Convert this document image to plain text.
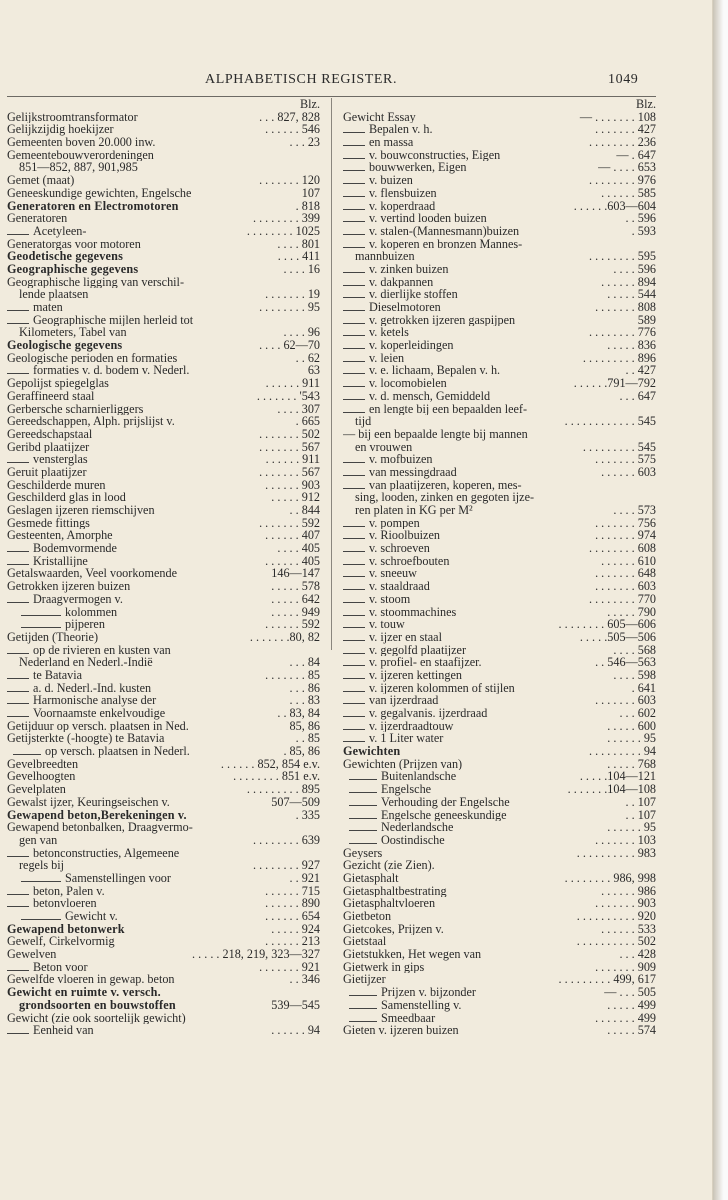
ALPHABETISCH REGISTER.	1049
Blz.
Gelijkstroomtransformator	. . . 827, 828
Gelijkzijdig hoekijzer	. . . . . . 546
Gemeenten boven 20.000 inw.	. . . 23
Gemeentebouwverordeningen
851—852, 887, 901,985
Gemet (maat)	. . . . . . . 120
Geneeskundige gewichten, Engelsche	107
Generatoren en Electromotoren	. 818
Generatoren	. . . . . . . . 399
Acetyleen-	. . . . . . . . 1025
Generatorgas voor motoren	. . . . 801
Geodetische gegevens	. . . . 411
Geographische gegevens	. . . . 16
Geographische ligging van verschil-
lende plaatsen	. . . . . . . 19
maten	. . . . . . . . 95
Geographische mijlen herleid tot
Kilometers, Tabel van	. . . . 96
Geologische gegevens	. . . . 62—70
Geologische perioden en formaties	. . 62
formaties v. d. bodem v. Nederl.	63
Gepolijst spiegelglas	. . . . . . 911
Geraffineerd staal	. . . . . . . '543
Gerbersche scharnierliggers	. . . . 307
Gereedschappen, Alph. prijslijst v.	. 665
Gereedschapstaal	. . . . . . . 502
Geribd plaatijzer	. . . . . . . 567
vensterglas	. . . . . . 911
Geruit plaatijzer	. . . . . . . 567
Geschilderde muren	. . . . . . 903
Geschilderd glas in lood	. . . . . 912
Geslagen ijzeren riemschijven	. . 844
Gesmede fittings	. . . . . . . 592
Gesteenten, Amorphe	. . . . . . 407
Bodemvormende	. . . . 405
Kristallijne	. . . . . . 405
Getalswaarden, Veel voorkomende	146—147
Getrokken ijzeren buizen	. . . . . 578
Draagvermogen v.	. . . . . 642
kolommen	. . . . . 949
pijperen	. . . . . . 592
Getijden (Theorie)	. . . . . . .80, 82
op de rivieren en kusten van
Nederland en Nederl.-Indië	. . . 84
te Batavia	. . . . . . . 85
a. d. Nederl.-Ind. kusten	. . . 86
Harmonische analyse der	. . . 83
Voornaamste enkelvoudige	. . 83, 84
Getijduur op versch. plaatsen in Ned.	85, 86
Getijsterkte (-hoogte) te Batavia	. . 85
op versch. plaatsen in Nederl.	. 85, 86
Gevelbreedten	. . . . . . 852, 854 e.v.
Gevelhoogten	. . . . . . . . 851 e.v.
Gevelplaten	. . . . . . . . . 895
Gewalst ijzer, Keuringseischen v.	507—509
Gewapend beton,Berekeningen v.	. 335
Gewapend betonbalken, Draagvermo-
gen van	. . . . . . . . 639
betonconstructies, Algemeene
regels bij	. . . . . . . . 927
Samenstellingen voor	. . 921
beton, Palen v.	. . . . . . 715
betonvloeren	. . . . . . 890
Gewicht v.	. . . . . . 654
Gewapend betonwerk	. . . . . 924
Gewelf, Cirkelvormig	. . . . . . 213
Gewelven	. . . . . 218, 219, 323—327
Beton voor	. . . . . . . 921
Gewelfde vloeren in gewap. beton	. . 346
Gewicht en ruimte v. versch.
grondsoorten en bouwstoffen	539—545
Gewicht (zie ook soortelijk gewicht)
Eenheid van	. . . . . . 94
Blz.
Gewicht Essay	— . . . . . . . 108
Bepalen v. h.	. . . . . . . 427
en massa	. . . . . . . . 236
v. bouwconstructies, Eigen	— . 647
bouwwerken, Eigen	— . . . . 653
v. buizen	. . . . . . . . 976
v. flensbuizen	. . . . . . 585
v. koperdraad	. . . . . .603—604
v. vertind looden buizen	. . 596
v. stalen-(Mannesmann)buizen	. 593
v. koperen en bronzen Mannes-
mannbuizen	. . . . . . . . 595
v. zinken buizen	. . . . 596
v. dakpannen	. . . . . . 894
v. dierlijke stoffen	. . . . . 544
Dieselmotoren	. . . . . . . 808
v. getrokken ijzeren gaspijpen	589
v. ketels	. . . . . . . . 776
v. koperleidingen	. . . . . 836
v. leien	. . . . . . . . . 896
v. e. lichaam, Bepalen v. h.	. . 427
v. locomobielen	. . . . . .791—792
v. d. mensch, Gemiddeld	. . . 647
en lengte bij een bepaalden leef-
tijd	. . . . . . . . . . . . 545
— bij een bepaalde lengte bij mannen
en vrouwen	. . . . . . . . . 545
v. mofbuizen	. . . . . . . 575
van messingdraad	. . . . . . 603
van plaatijzeren, koperen, mes-
sing, looden, zinken en gegoten ijze-
ren platen in KG per M²	. . . . 573
v. pompen	. . . . . . . 756
v. Rioolbuizen	. . . . . . . 974
v. schroeven	. . . . . . . . 608
v. schroefbouten	. . . . . . 610
v. sneeuw	. . . . . . . 648
v. staaldraad	. . . . . . . 603
v. stoom	. . . . . . . . 770
v. stoommachines	. . . . . 790
v. touw	. . . . . . . . 605—606
v. ijzer en staal	. . . . .505—506
v. gegolfd plaatijzer	. . . . 568
v. profiel- en staafijzer.	. . 546—563
v. ijzeren kettingen	. . . . 598
v. ijzeren kolommen of stijlen	. 641
van ijzerdraad	. . . . . . . 603
v. gegalvanis. ijzerdraad	. . . 602
v. ijzerdraadtouw	. . . . . 600
v. 1 Liter water	. . . . . . 95
Gewichten	. . . . . . . . . 94
Gewichten (Prijzen van)	. . . . . 768
Buitenlandsche	. . . . .104—121
Engelsche	. . . . . . .104—108
Verhouding der Engelsche	. . 107
Engelsche geneeskundige	. . 107
Nederlandsche	. . . . . . 95
Oostindische	. . . . . . . 103
Geysers	. . . . . . . . . . 983
Gezicht (zie Zien).
Gietasphalt	. . . . . . . . 986, 998
Gietasphaltbestrating	. . . . . . 986
Gietasphaltvloeren	. . . . . . . 903
Gietbeton	. . . . . . . . . . 920
Gietcokes, Prijzen v.	. . . . . . 533
Gietstaal	. . . . . . . . . . 502
Gietstukken, Het wegen van	. . . 428
Gietwerk in gips	. . . . . . . 909
Gietijzer	. . . . . . . . . 499, 617
Prijzen v. bijzonder	— . . . 505
Samenstelling v.	. . . . . 499
Smeedbaar	. . . . . . . 499
Gieten v. ijzeren buizen	. . . . . 574
